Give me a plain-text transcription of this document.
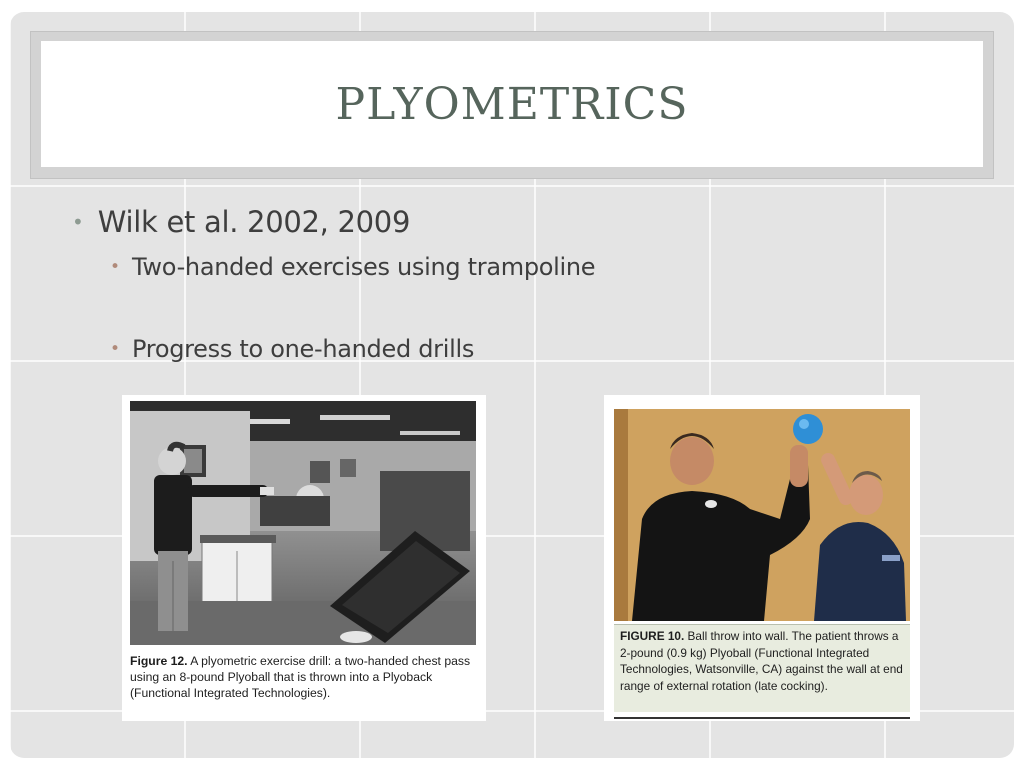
PLYOMETRICS
• Wilk et al. 2002, 2009
• Two-handed exercises using trampoline
• Progress to one-handed drills
Figure 12. A plyometric exercise drill: a two-handed chest pass using an 8-pound Plyoball that is thrown into a Plyoback (Functional Integrated Technologies).
FIGURE 10. Ball throw into wall. The patient throws a 2-pound (0.9 kg) Plyoball (Functional Integrated Technologies, Watsonville, CA) against the wall at end range of external rotation (late cocking).
